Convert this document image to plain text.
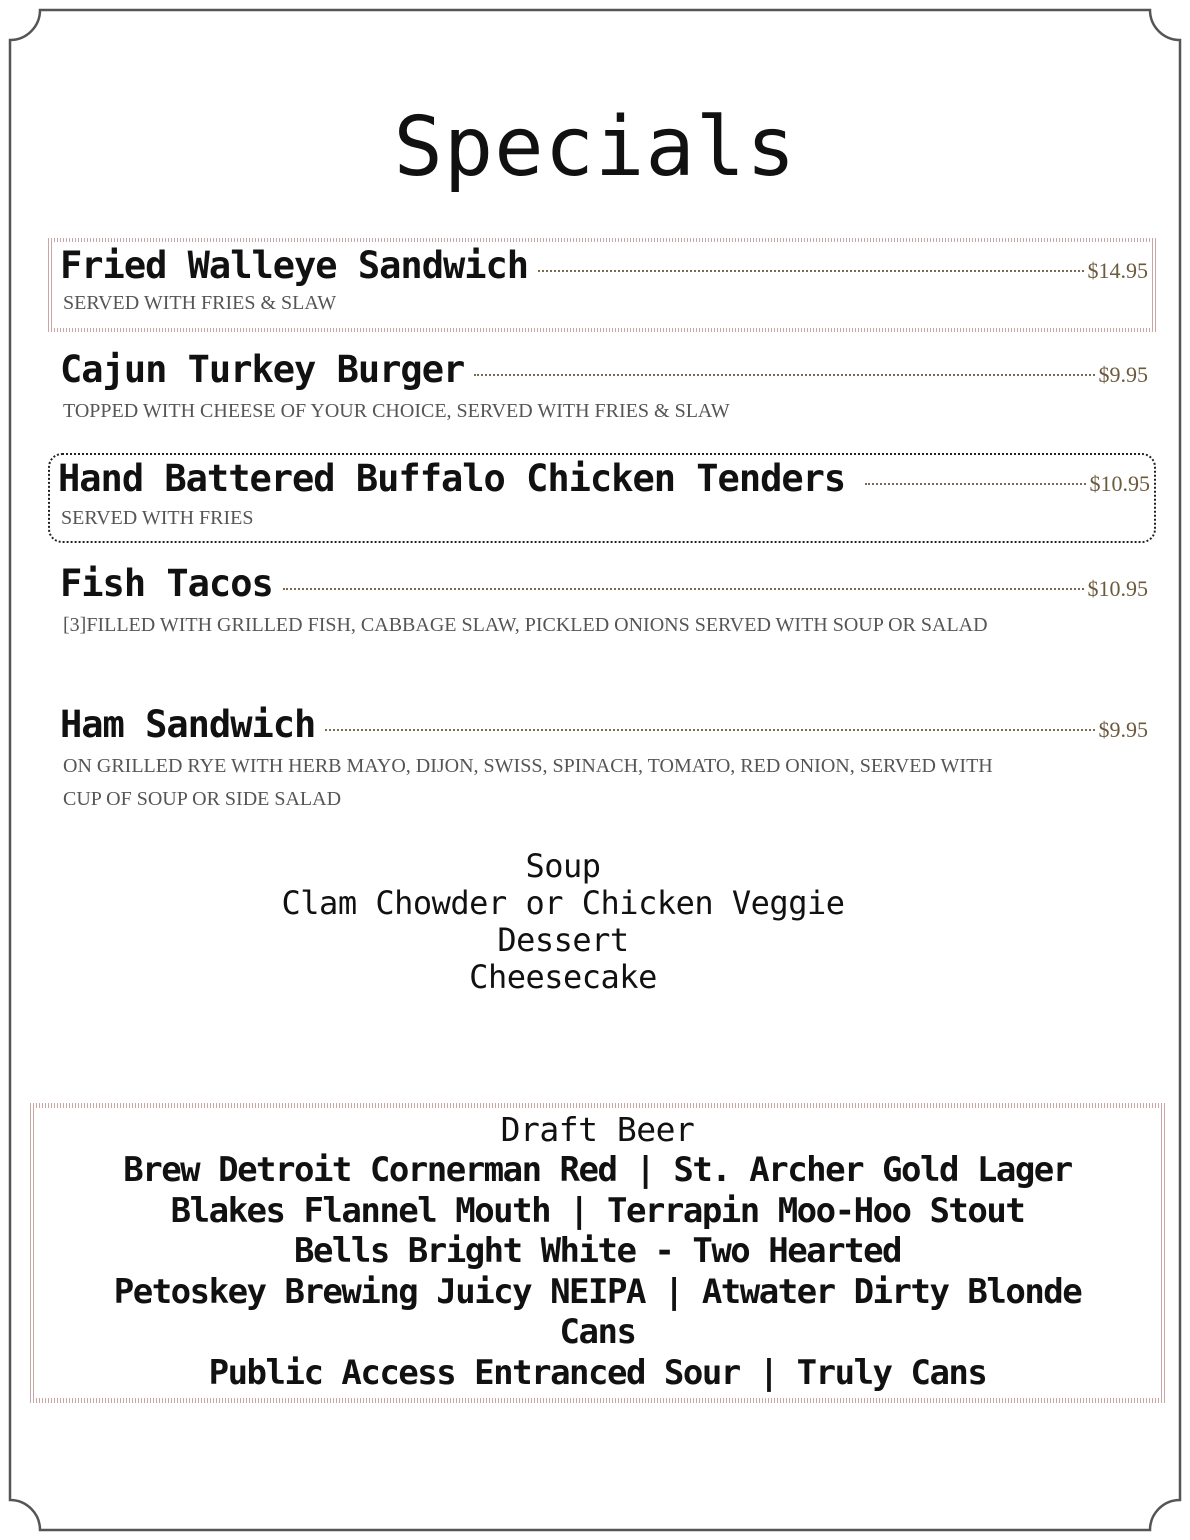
Specials
Fried Walleye Sandwich	$14.95
SERVED WITH FRIES & SLAW
Cajun Turkey Burger	$9.95
TOPPED WITH CHEESE OF YOUR CHOICE, SERVED WITH FRIES & SLAW
Hand Battered Buffalo Chicken Tenders	$10.95
SERVED WITH FRIES
Fish Tacos	$10.95
[3]FILLED WITH GRILLED FISH, CABBAGE SLAW, PICKLED ONIONS SERVED WITH SOUP OR SALAD
Ham Sandwich	$9.95
ON GRILLED RYE WITH HERB MAYO, DIJON, SWISS, SPINACH, TOMATO, RED ONION, SERVED WITH CUP OF SOUP OR SIDE SALAD
Soup
Clam Chowder or Chicken Veggie
Dessert
Cheesecake
Draft Beer
Brew Detroit Cornerman Red | St. Archer Gold Lager
Blakes Flannel Mouth | Terrapin Moo-Hoo Stout
Bells Bright White - Two Hearted
Petoskey Brewing Juicy NEIPA | Atwater Dirty Blonde
Cans
Public Access Entranced Sour | Truly Cans
